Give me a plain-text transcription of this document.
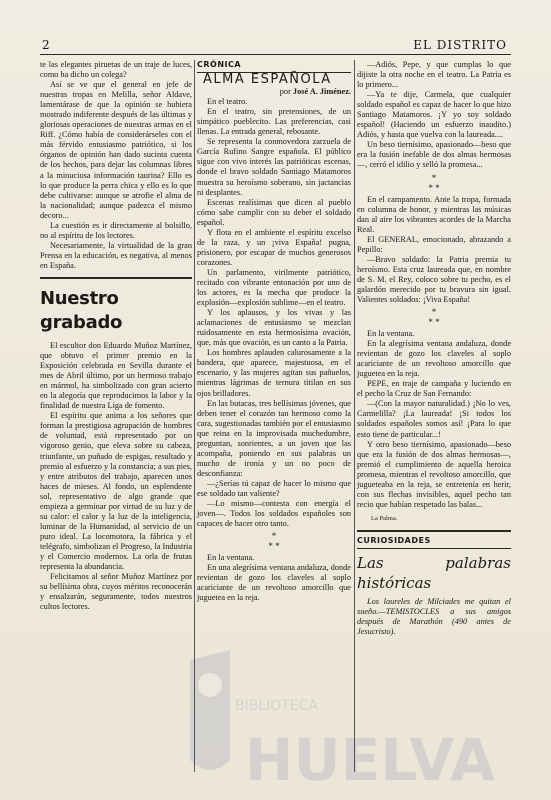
2	EL DISTRITO

te las elegantes piruetas de un traje de luces, como ha dicho un colega?

Así se ve que el general en jefe de nuestras tropas en Melilla, señor Aldave, lamentárase de que la opinión se hubiera mostrado indiferente después de las últimas y gloriosas operaciones de nuestras armas en el Riff. ¿Cómo había de considerárseles con el más férvido entusiasmo patriótico, si los órganos de opinión han dado sucinta cuenta de los hechos, para dejar las columnas libres a la minuciosa información taurina? Ello es lo que produce la perra chica y ello es lo que debe cultivarse: aunque se atrofie el alma de la nacionalidad; aunque padezca el mismo decoro...

La cuestión es ir directamente al bolsillo, no al espíritu de los lectores.

Necesariamente, la virtualidad de la gran Prensa en la educación, es negativa, al menos en España.

Nuestro grabado

El escultor don Eduardo Muñoz Martínez, que obtuvo el primer premio en la Exposición celebrada en Sevilla durante el mes de Abril último, por un hermoso trabajo en mármol, ha simbolizado con gran acierto en la alegoría que reproducimos la labor y la finalidad de nuestra Liga de fomento.

El espíritu que anima a los señores que forman la prestigiosa agrupación de hombres de voluntad, está representado por un vigoroso genio, que eleva sobre su cabeza, triunfante, un puñado de espigas, resultado y premio al esfuerzo y la constancia; a sus pies, y entre atributos del trabajo, aparecen unos haces de mieses. Al fondo, un esplendente sol, representativo de algo grande que empieza a germinar por virtud de su luz y de su calor: el calor y la luz de la inteligencia, luminar de la Humanidad, al servicio de un puro ideal. La locomotora, la fábrica y el telégrafo, simbolizan el Progreso, la Industria y el Comercio modernos. La orla de frutas representa la abundancia.

Felicitamos al señor Muñoz Martínez por su bellísima obra, cuyos méritos reconocerán y ensalzarán, seguramente, todos nuestros cultos lectores.

CRÓNICA
ALMA ESPAÑOLA
por José A. Jiménez.

En el teatro.

En el teatro, sin pretensiones, de un simpático pueblecito. Las preferencias, casi llenas. La entrada general, rebosante.

Se representa la conmovedora zarzuela de García Rufino Sangre española. El público sigue con vivo interés las patrióticas escenas, donde el bravo soldado Santiago Matamoros muestra su heroísmo soberano, sin jactancias ni desplantes.

Escenas realísimas que dicen al pueblo cómo sabe cumplir con su deber el soldado español.

Y flota en el ambiente el espíritu excelso de la raza, y un ¡viva España! pugna, prisionero, por escapar de muchos generosos corazones.

Un parlamento, virilmente patriótico, recitado con vibrante entonación por uno de los actores, es la mecha que produce la explosión—explosión sublime—en el teatro.

Y los aplausos, y los vivas y las aclamaciones de entusiasmo se mezclan ruidosamente en esta hermosísima ovación, que, más que ovación, es un canto a la Patria.

Los hombres aplauden calurosamente a la bandera, que aparece, majestuosa, en el escenario, y las mujeres agitan sus pañuelos, mientras lágrimas de ternura titilan en sus ojos brilladores.

En las butacas, tres bellísimas jóvenes, que deben tener el corazón tan hermoso como la cara, sugestionadas también por el entusiasmo que reina en la improvisada muchedumbre, preguntan, sonrientes, a un joven que las acompaña, poniendo en sus palabras un mucho de ironía y un no poco de desconfianza:

—¿Serías tú capaz de hacer lo mismo que ese soldado tan valiente?

—Lo mismo—contesta con energía el joven—. Todos los soldados españoles son capaces de hacer otro tanto.

*
* *

En la ventana.

En una alegrísima ventana andaluza, donde revientan de gozo los claveles al soplo acariciante de un revoltoso amorcillo que juguetea en la reja.

—Adiós, Pepe, y que cumplas lo que dijiste la otra noche en el teatro. La Patria es lo primero...

—Ya te dije, Carmela, que cualquier soldado español es capaz de hacer lo que hizo Santiago Matamoros. ¡Y yo soy soldado español! (Haciendo un esfuerzo inaudito.) Adiós, y hasta que vuelva con la laureada....

Un beso tiernísimo, apasionado—beso que era la fusión inefable de dos almas hermosas—, cerró el idilio y selló la promesa...

*
* *

En el campamento. Ante la tropa, formada en columna de honor, y mientras las músicas dan al aire los vibrantes acordes de la Marcha Real.

El GENERAL, emocionado, abrazando a Pepillo:

—Bravo soldado: la Patria premia tu heroísmo. Esta cruz laureada que, en nombre de S. M. el Rey, coloco sobre tu pecho, es el galardón merecido por tu bravura sin igual. Valientes soldados: ¡Viva España!

*
* *

En la ventana.

En la alegrísima ventana andaluza, donde revientan de gozo los claveles al soplo acariciante de un revoltoso amorcillo que juguetea en la reja.

PEPE, en traje de campaña y luciendo en el pecho la Cruz de San Fernando:

—(Con la mayor naturalidad.) ¡No lo ves, Carmelilla? ¡La laureada! ¡Si todos los soldados españoles somos así! ¡Para lo que esto tiene de particular...!

Y otro beso tiernísimo, apasionado—beso que era la fusión de dos almas hermosas—, premió el cumplimiento de aquella heroica promesa, mientras el revoltoso amorcillo, que jugueteaba en la reja, se entretenía en herir, con sus flechas invisibles, aquel pecho tan recio que habían respetado las balas...

La Palma.
CURIOSIDADES
Las palabras históricas

Los laureles de Milciades me quitan el sueño.—TEMISTOCLES a sus amigos después de Marathón (490 antes de Jesucristo).

BIBLIOTECA
HUELVA
